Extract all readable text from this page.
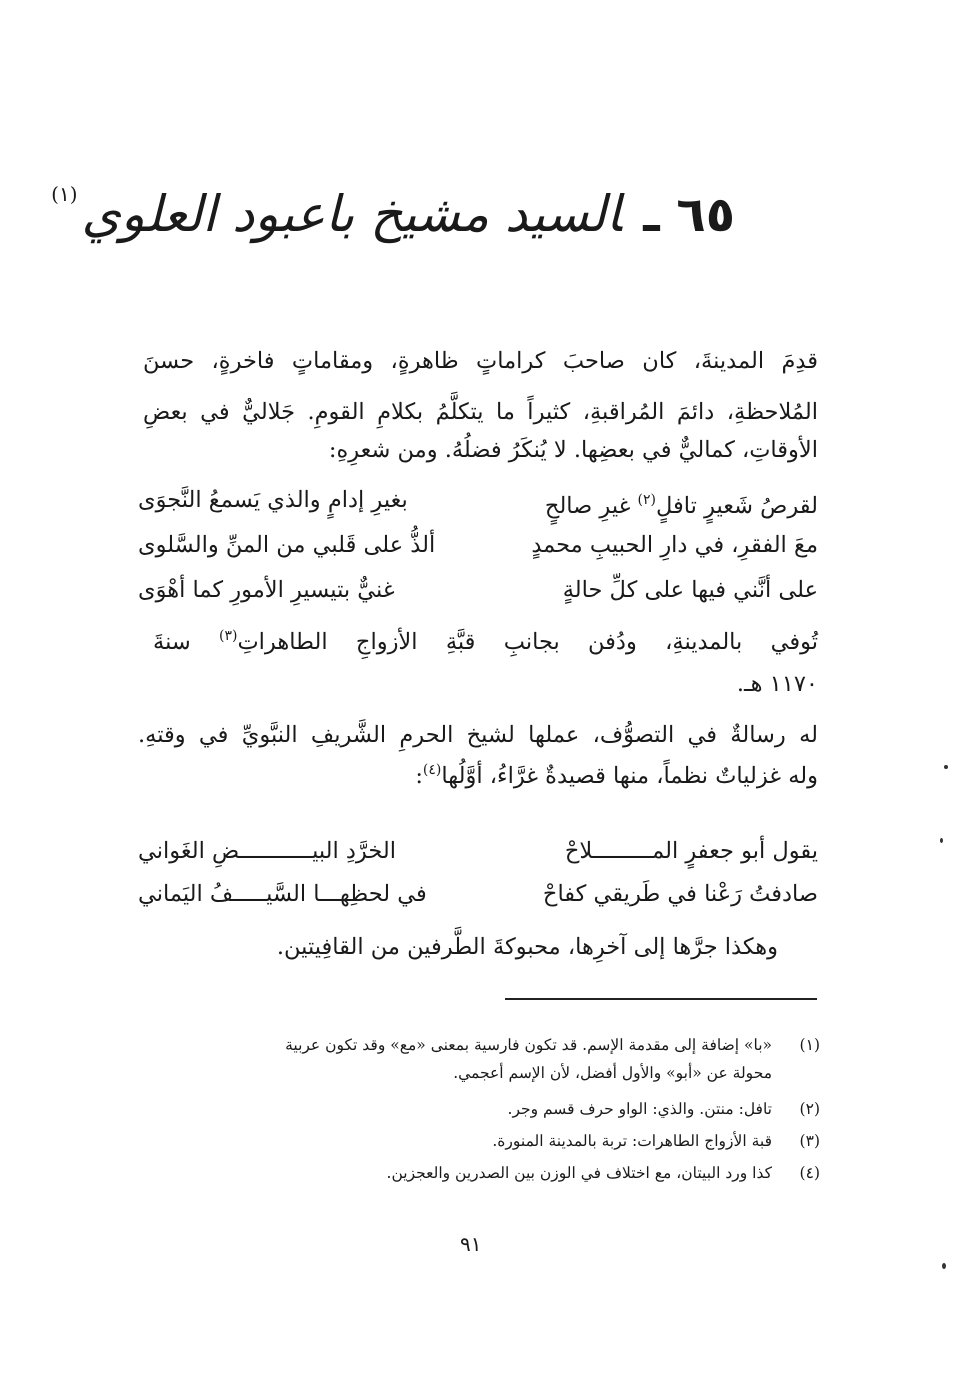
٦٥ ـالسيد مشيخ باعبود العلوي(١)
قدِمَ المدينةَ، كان صاحبَ كراماتٍ ظاهرةٍ، ومقاماتٍ فاخرةٍ، حسنَ
المُلاحظةِ، دائمَ المُراقبةِ، كثيراً ما يتكلَّمُ بكلامِ القومِ. جَلاليٌّ في بعضِ
الأوقاتِ، كماليٌّ في بعضِها. لا يُنكَرُ فضلُهُ. ومن شعرِهِ:
لقرصُ شَعيرٍ تافلٍ$^{(٢)}$ غيرِ صالحٍ
بغيرِ إدامٍ والذي يَسمعُ النَّجوَى
معَ الفقرِ، في دارِ الحبيبِ محمدٍ
ألذُّ على قَلبي من المنِّ والسَّلوى
على أنَّني فيها على كلِّ حالةٍ
غنيٌّ بتيسيرِ الأمورِ كما أهْوَى
تُوفي بالمدينةِ، ودُفن بجانبِ قبَّةِ الأزواجِ الطاهراتِ$^{(٣)}$ سنةَ
١١٧٠ هـ.
له رسالةٌ في التصوُّف، عملها لشيخ الحرمِ الشَّريفِ النبَّويِّ في وقتهِ.
وله غزلياتٌ نظماً، منها قصيدةٌ غرَّاءُ، أوَّلُها$^{(٤)}$:
يقول أبو جعفرٍ المـــــــــلاحْ
الخرَّدِ البيـــــــــــضِ الغَواني
صادفتُ رَعْنا في طَريقي كفاحْ
في لحظِهـــا السَّيـــــفُ اليَماني
وهكذا جرَّها إلى آخرِها، محبوكةَ الطَّرفين من القافِيتين.
(١)«با» إضافة إلى مقدمة الإسم. قد تكون فارسية بمعنى «مع» وقد تكون عربية
محولة عن «أبو» والأول أفضل، لأن الإسم أعجمي.
(٢)تافل: منتن. والذي: الواو حرف قسم وجر.
(٣)قبة الأزواج الطاهرات: تربة بالمدينة المنورة.
(٤)كذا ورد البيتان، مع اختلاف في الوزن بين الصدرين والعجزين.
٩١
